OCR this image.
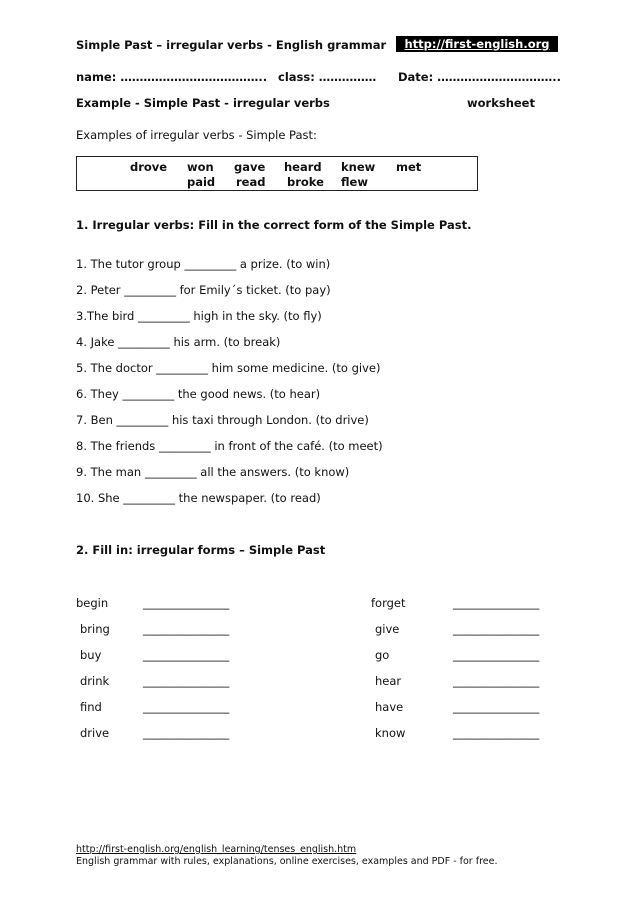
Simple Past – irregular verbs - English grammar	http://first-english.org
name: ……………………………….. class: …………… Date: …………………………..
Example - Simple Past - irregular verbs	worksheet
Examples of irregular verbs - Simple Past:
drove won gave heard knew met
paid read broke flew
1. Irregular verbs: Fill in the correct form of the Simple Past.
1. The tutor group _________ a prize. (to win)
2. Peter _________ for Emily´s ticket. (to pay)
3.The bird _________ high in the sky. (to fly)
4. Jake _________ his arm. (to break)
5. The doctor _________ him some medicine. (to give)
6. They _________ the good news. (to hear)
7. Ben _________ his taxi through London. (to drive)
8. The friends _________ in front of the café. (to meet)
9. The man _________ all the answers. (to know)
10. She _________ the newspaper. (to read)
2. Fill in: irregular forms – Simple Past
begin	_______________
bring	_______________
buy	_______________
drink	_______________
find	_______________
drive	_______________
forget	_______________
give	_______________
go	_______________
hear	_______________
have	_______________
know	_______________
http://first-english.org/english_learning/tenses_english.htm
English grammar with rules, explanations, online exercises, examples and PDF - for free.
